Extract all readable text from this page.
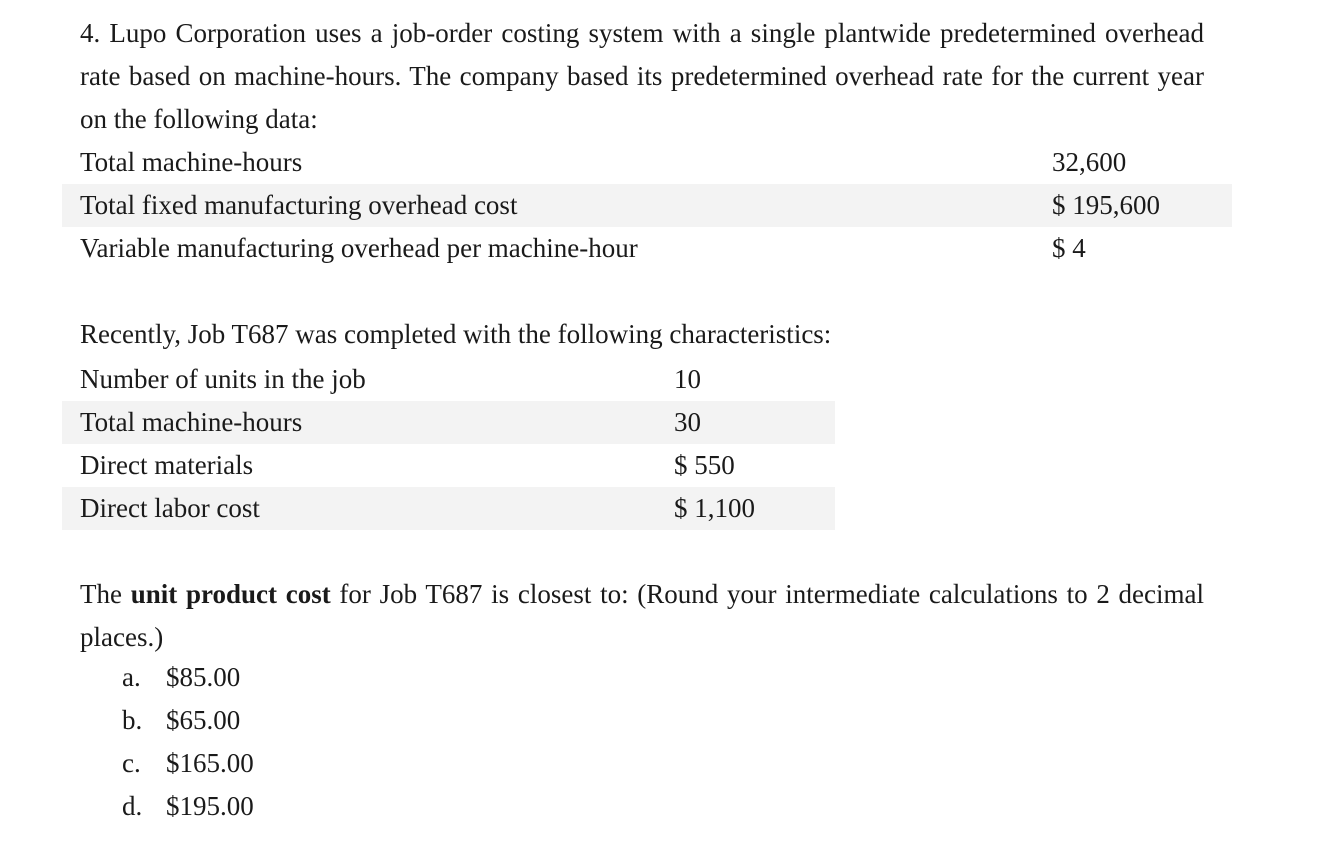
4. Lupo Corporation uses a job-order costing system with a single plantwide predetermined overhead rate based on machine-hours. The company based its predetermined overhead rate for the current year on the following data:

Total machine-hours	32,600
Total fixed manufacturing overhead cost	$ 195,600
Variable manufacturing overhead per machine-hour	$ 4
Recently, Job T687 was completed with the following characteristics:
Number of units in the job	10
Total machine-hours	30
Direct materials	$ 550
Direct labor cost	$ 1,100

The unit product cost for Job T687 is closest to: (Round your intermediate calculations to 2 decimal places.)

a. $85.00
b. $65.00
c. $165.00
d. $195.00
